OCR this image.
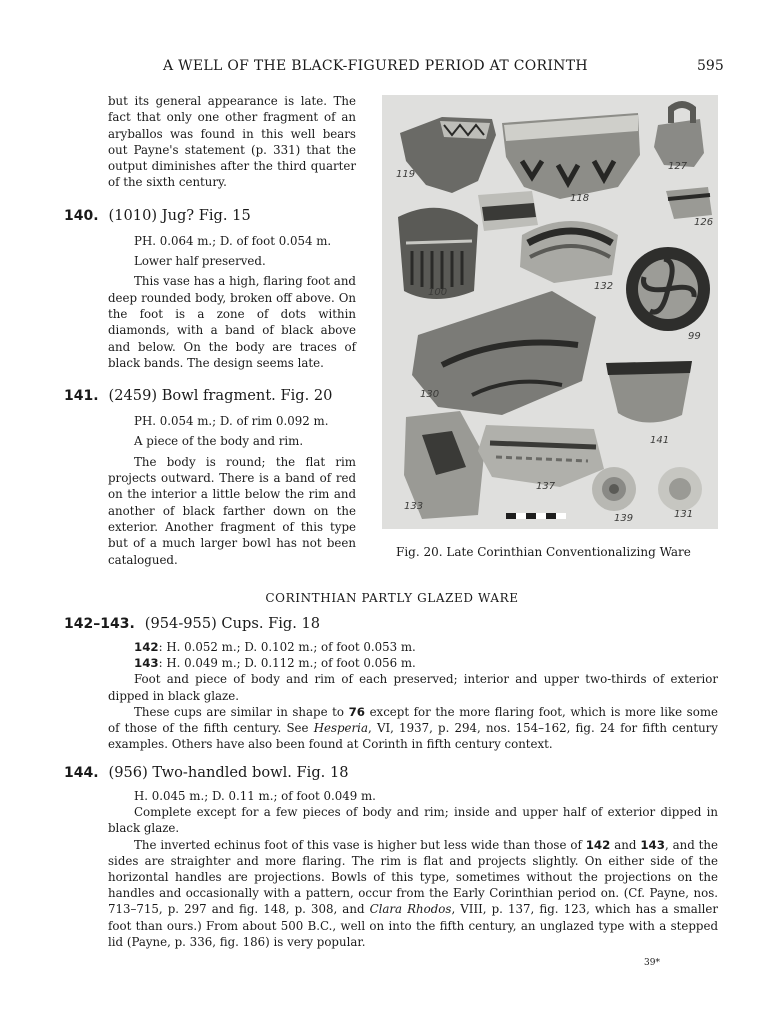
A WELL OF THE BLACK-FIGURED PERIOD AT CORINTH	595

but its general appearance is late. The fact that only one other fragment of an aryballos was found in this well bears out Payne's statement (p. 331) that the output diminishes after the third quarter of the sixth century.

140. (1010) Jug? Fig. 15

PH. 0.064 m.; D. of foot 0.054 m.

Lower half preserved.

This vase has a high, flaring foot and deep rounded body, broken off above. On the foot is a zone of dots within diamonds, with a band of black above and below. On the body are traces of black bands. The design seems late.

141. (2459) Bowl fragment. Fig. 20

PH. 0.054 m.; D. of rim 0.092 m.

A piece of the body and rim.

The body is round; the flat rim projects outward. There is a band of red on the interior a little below the rim and another of black farther down on the exterior. Another fragment of this type but of a much larger bowl has not been catalogued.

119
127
118
126
100
132
99
130
141
137
133
139	131
Fig. 20. Late Corinthian Conventionalizing Ware
CORINTHIAN PARTLY GLAZED WARE
142–143. (954-955) Cups. Fig. 18

142: H. 0.052 m.; D. 0.102 m.; of foot 0.053 m.

143: H. 0.049 m.; D. 0.112 m.; of foot 0.056 m.

Foot and piece of body and rim of each preserved; interior and upper two-thirds of exterior dipped in black glaze.

These cups are similar in shape to 76 except for the more flaring foot, which is more like some of those of the fifth century. See Hesperia, VI, 1937, p. 294, nos. 154–162, fig. 24 for fifth century examples. Others have also been found at Corinth in fifth century context.

144. (956) Two-handled bowl. Fig. 18

H. 0.045 m.; D. 0.11 m.; of foot 0.049 m.

Complete except for a few pieces of body and rim; inside and upper half of exterior dipped in black glaze.

The inverted echinus foot of this vase is higher but less wide than those of 142 and 143, and the sides are straighter and more flaring. The rim is flat and projects slightly. On either side of the horizontal handles are projections. Bowls of this type, sometimes without the projections on the handles and occasionally with a pattern, occur from the Early Corinthian period on. (Cf. Payne, nos. 713–715, p. 297 and fig. 148, p. 308, and Clara Rhodos, VIII, p. 137, fig. 123, which has a smaller foot than ours.) From about 500 B.C., well on into the fifth century, an unglazed type with a stepped lid (Payne, p. 336, fig. 186) is very popular.

39*
